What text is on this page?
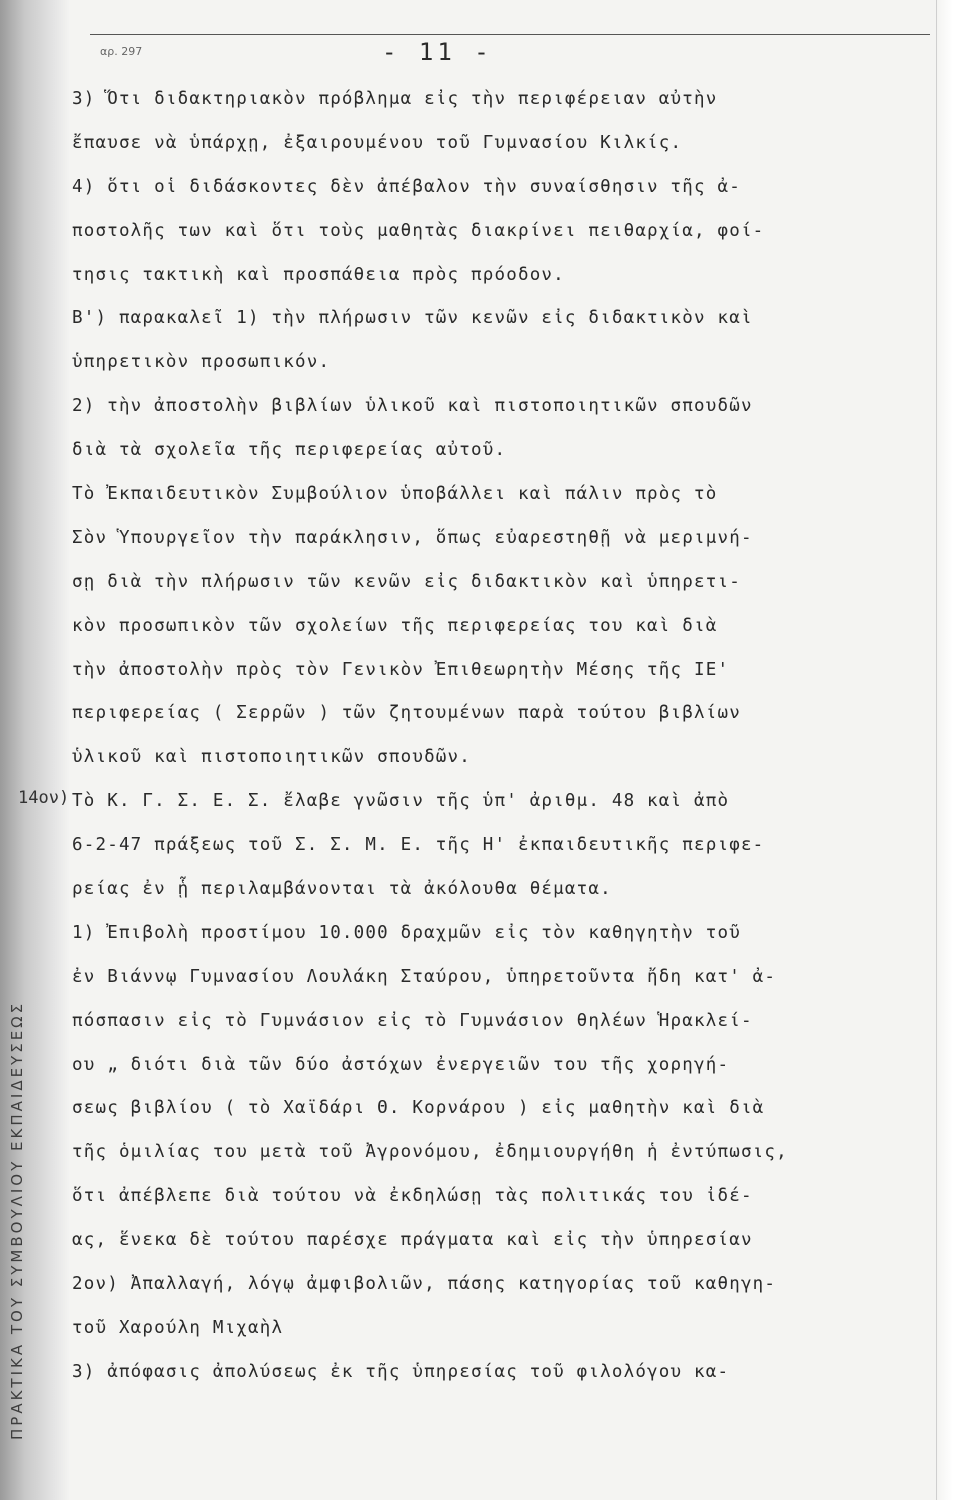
ΠΡΑΚΤΙΚΑ ΤΟΥ ΣΥΜΒΟΥΛΙΟΥ ΕΚΠΑΙΔΕΥΣΕΩΣ
αρ. 297	- 11 -
14ον)
3) Ὅτι διδακτηριακὸν πρόβλημα εἰς τὴν περιφέρειαν αὐτὴν
ἔπαυσε νὰ ὑπάρχῃ, ἐξαιρουμένου τοῦ Γυμνασίου Κιλκίς.
4) ὅτι οἱ διδάσκοντες δὲν ἀπέβαλον τὴν συναίσθησιν τῆς ἀ-
ποστολῆς των καὶ ὅτι τοὺς μαθητὰς διακρίνει πειθαρχία, φοί-
τησις τακτικὴ καὶ προσπάθεια πρὸς πρόοδον.
Β') παρακαλεῖ 1) τὴν πλήρωσιν τῶν κενῶν εἰς διδακτικὸν καὶ
ὑπηρετικὸν προσωπικόν.
2) τὴν ἀποστολὴν βιβλίων ὑλικοῦ καὶ πιστοποιητικῶν σπουδῶν
διὰ τὰ σχολεῖα τῆς περιφερείας αὐτοῦ.
Τὸ Ἐκπαιδευτικὸν Συμβούλιον ὑποβάλλει καὶ πάλιν πρὸς τὸ
Σὸν Ὑπουργεῖον τὴν παράκλησιν, ὅπως εὐαρεστηθῇ νὰ μεριμνή-
σῃ διὰ τὴν πλήρωσιν τῶν κενῶν εἰς διδακτικὸν καὶ ὑπηρετι-
κὸν προσωπικὸν τῶν σχολείων τῆς περιφερείας του καὶ διὰ
τὴν ἀποστολὴν πρὸς τὸν Γενικὸν Ἐπιθεωρητὴν Μέσης τῆς ΙΕ'
περιφερείας ( Σερρῶν ) τῶν ζητουμένων παρὰ τούτου βιβλίων
ὑλικοῦ καὶ πιστοποιητικῶν σπουδῶν.
Τὸ Κ. Γ. Σ. Ε. Σ. ἔλαβε γνῶσιν τῆς ὑπ' ἀριθμ. 48 καὶ ἀπὸ
6-2-47 πράξεως τοῦ Σ. Σ. Μ. Ε. τῆς Η' ἐκπαιδευτικῆς περιφε-
ρείας ἐν ᾗ περιλαμβάνονται τὰ ἀκόλουθα θέματα.
1) Ἐπιβολὴ προστίμου 10.000 δραχμῶν εἰς τὸν καθηγητὴν τοῦ
ἐν Βιάννῳ Γυμνασίου Λουλάκη Σταύρου, ὑπηρετοῦντα ἤδη κατ' ἀ-
πόσπασιν εἰς τὸ Γυμνάσιον εἰς τὸ Γυμνάσιον θηλέων Ἡρακλεί-
ου „ διότι διὰ τῶν δύο ἀστόχων ἐνεργειῶν του τῆς χορηγή-
σεως βιβλίου ( τὸ Χαϊδάρι Θ. Κορνάρου ) εἰς μαθητὴν καὶ διὰ
τῆς ὁμιλίας του μετὰ τοῦ Ἀγρονόμου, ἐδημιουργήθη ἡ ἐντύπωσις,
ὅτι ἀπέβλεπε διὰ τούτου νὰ ἐκδηλώσῃ τὰς πολιτικάς του ἰδέ-
ας, ἕνεκα δὲ τούτου παρέσχε πράγματα καὶ εἰς τὴν ὑπηρεσίαν
2ον) Ἀπαλλαγή, λόγῳ ἀμφιβολιῶν, πάσης κατηγορίας τοῦ καθηγη-
τοῦ Χαρούλη Μιχαὴλ
3) ἀπόφασις ἀπολύσεως ἐκ τῆς ὑπηρεσίας τοῦ φιλολόγου κα-
